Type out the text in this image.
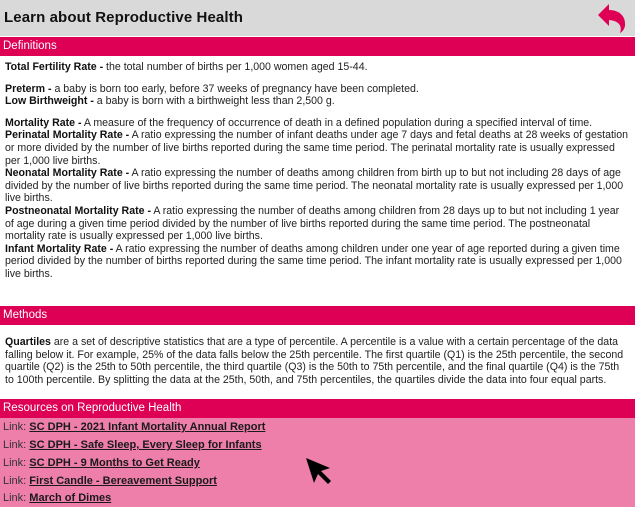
Learn about Reproductive Health
Definitions

Total Fertility Rate - the total number of births per 1,000 women aged 15-44.

Preterm - a baby is born too early, before 37 weeks of pregnancy have been completed.

Low Birthweight - a baby is born with a birthweight less than 2,500 g.

Mortality Rate - A measure of the frequency of occurrence of death in a defined population during a specified interval of time.

Perinatal Mortality Rate - A ratio expressing the number of infant deaths under age 7 days and fetal deaths at 28 weeks of gestation or more divided by the number of live births reported during the same time period. The perinatal mortality rate is usually expressed per 1,000 live births.

Neonatal Mortality Rate - A ratio expressing the number of deaths among children from birth up to but not including 28 days of age divided by the number of live births reported during the same time period. The neonatal mortality rate is usually expressed per 1,000 live births.

Postneonatal Mortality Rate - A ratio expressing the number of deaths among children from 28 days up to but not including 1 year of age during a given time period divided by the number of live births reported during the same time period. The postneonatal mortality rate is usually expressed per 1,000 live births.

Infant Mortality Rate - A ratio expressing the number of deaths among children under one year of age reported during a given time period divided by the number of births reported during the same time period. The infant mortality rate is usually expressed per 1,000 live births.

Methods

Quartiles are a set of descriptive statistics that are a type of percentile. A percentile is a value with a certain percentage of the data falling below it. For example, 25% of the data falls below the 25th percentile. The first quartile (Q1) is the 25th percentile, the second quartile (Q2) is the 25th to 50th percentile, the third quartile (Q3) is the 50th to 75th percentile, and the final quartile (Q4) is the 75th to 100th percentile. By splitting the data at the 25th, 50th, and 75th percentiles, the quartiles divide the data into four equal parts.

Resources on Reproductive Health
Link: SC DPH - 2021 Infant Mortality Annual Report
Link: SC DPH - Safe Sleep, Every Sleep for Infants
Link: SC DPH - 9 Months to Get Ready
Link: First Candle - Bereavement Support
Link: March of Dimes
